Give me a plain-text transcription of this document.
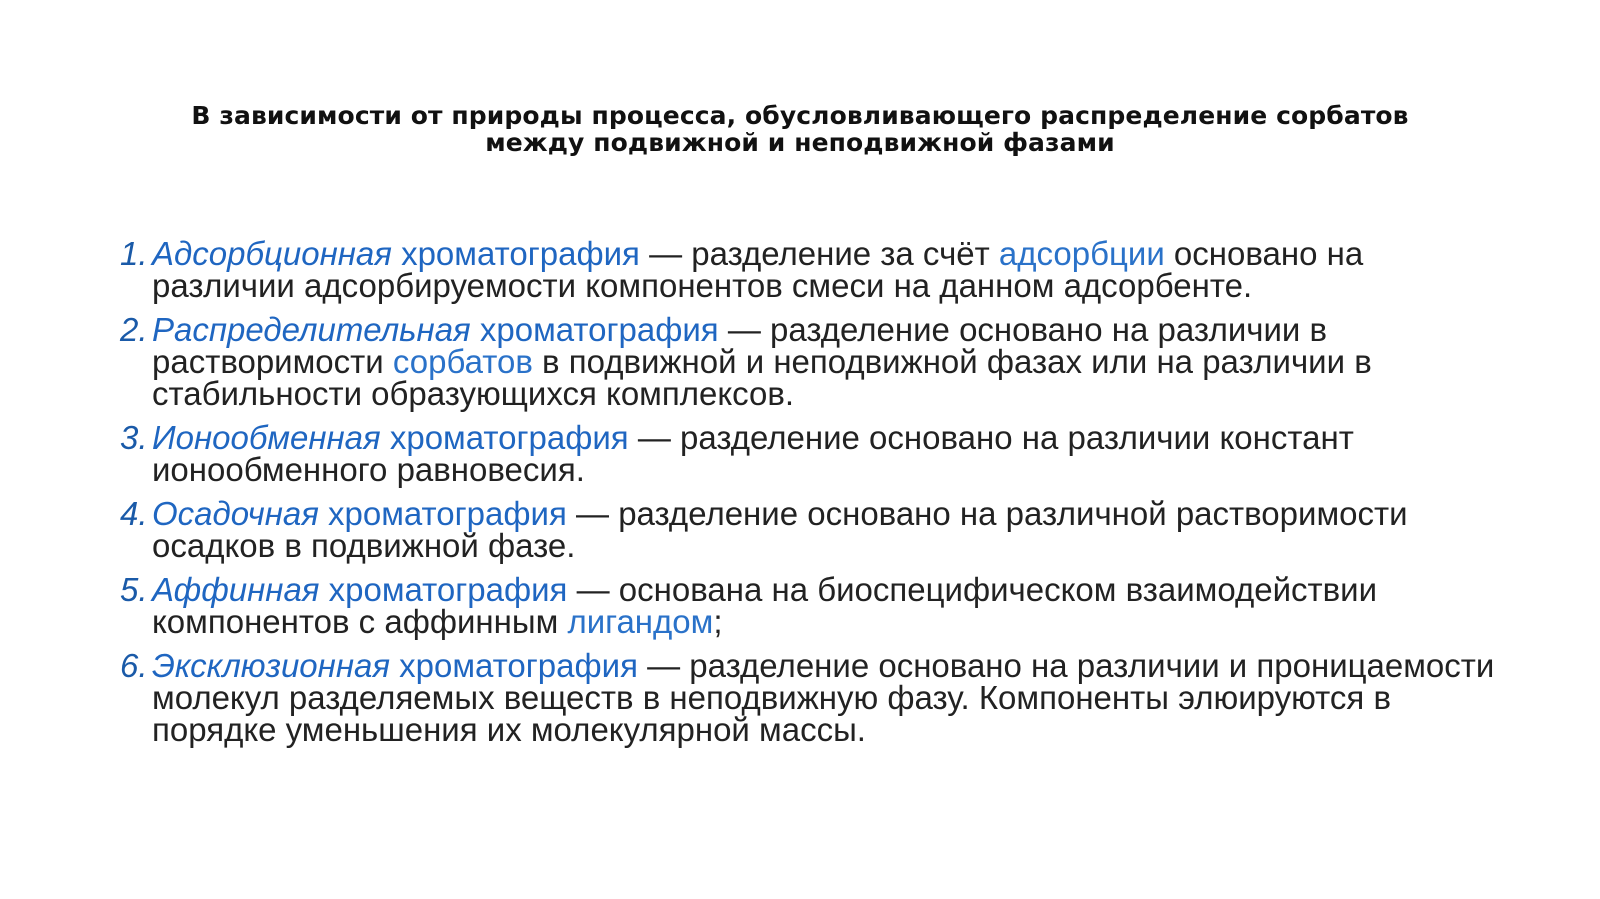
В зависимости от природы процесса, обусловливающего распределение сорбатов
между подвижной и неподвижной фазами
1. Адсорбционная хроматография — разделение за счёт адсорбции основано на различии адсорбируемости компонентов смеси на данном адсорбенте.
2. Распределительная хроматография — разделение основано на различии в растворимости сорбатов в подвижной и неподвижной фазах или на различии в стабильности образующихся комплексов.
3. Ионообменная хроматография — разделение основано на различии констант ионообменного равновесия.
4. Осадочная хроматография — разделение основано на различной растворимости осадков в подвижной фазе.
5. Аффинная хроматография — основана на биоспецифическом взаимодействии компонентов с аффинным лигандом;
6. Эксклюзионная хроматография — разделение основано на различии и проницаемости молекул разделяемых веществ в неподвижную фазу. Компоненты элюируются в порядке уменьшения их молекулярной массы.
